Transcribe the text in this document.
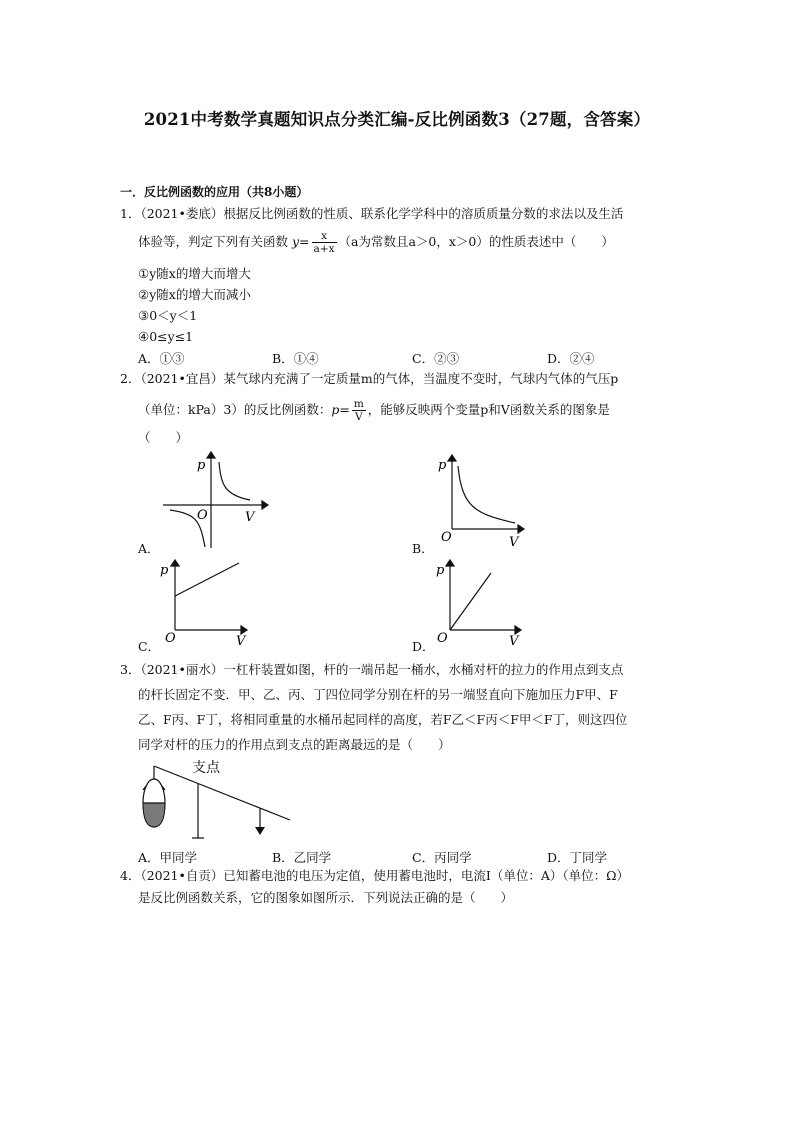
2021中考数学真题知识点分类汇编-反比例函数3（27题，含答案）
一．反比例函数的应用（共8小题）
1．（2021•娄底）根据反比例函数的性质、联系化学学科中的溶质质量分数的求法以及生活
体验等，判定下列有关函数 $y= \frac{x}{a+x} (a$为常数且a＞0，x＞0）的性质表述中（　　）
①y随x的增大而增大
②y随x的增大而减小
③0＜y＜1
④0≤y≤1
A．①③	B．①④	C．②③	D．②④
2．（2021•宜昌）某气球内充满了一定质量m的气体，当温度不变时，气球内气体的气压p
（单位：kPa）3）的反比例函数：$p= \frac{m}{V}$ ，能够反映两个变量p和V函数关系的图象是
（　　）
p
O	V
A．
p
O	V
B．
p
O	V
C．
p
O	V
D．
3．（2021•丽水）一杠杆装置如图，杆的一端吊起一桶水，水桶对杆的拉力的作用点到支点
的杆长固定不变．甲、乙、丙、丁四位同学分别在杆的另一端竖直向下施加压力F甲、F
乙、F丙、F丁，将相同重量的水桶吊起同样的高度，若F乙＜F丙＜F甲＜F丁，则这四位
同学对杆的压力的作用点到支点的距离最远的是（　　）
支点
A．甲同学	B．乙同学	C．丙同学	D．丁同学
4．（2021•自贡）已知蓄电池的电压为定值，使用蓄电池时，电流I（单位：A）（单位：Ω）
是反比例函数关系，它的图象如图所示．下列说法正确的是（　　）
